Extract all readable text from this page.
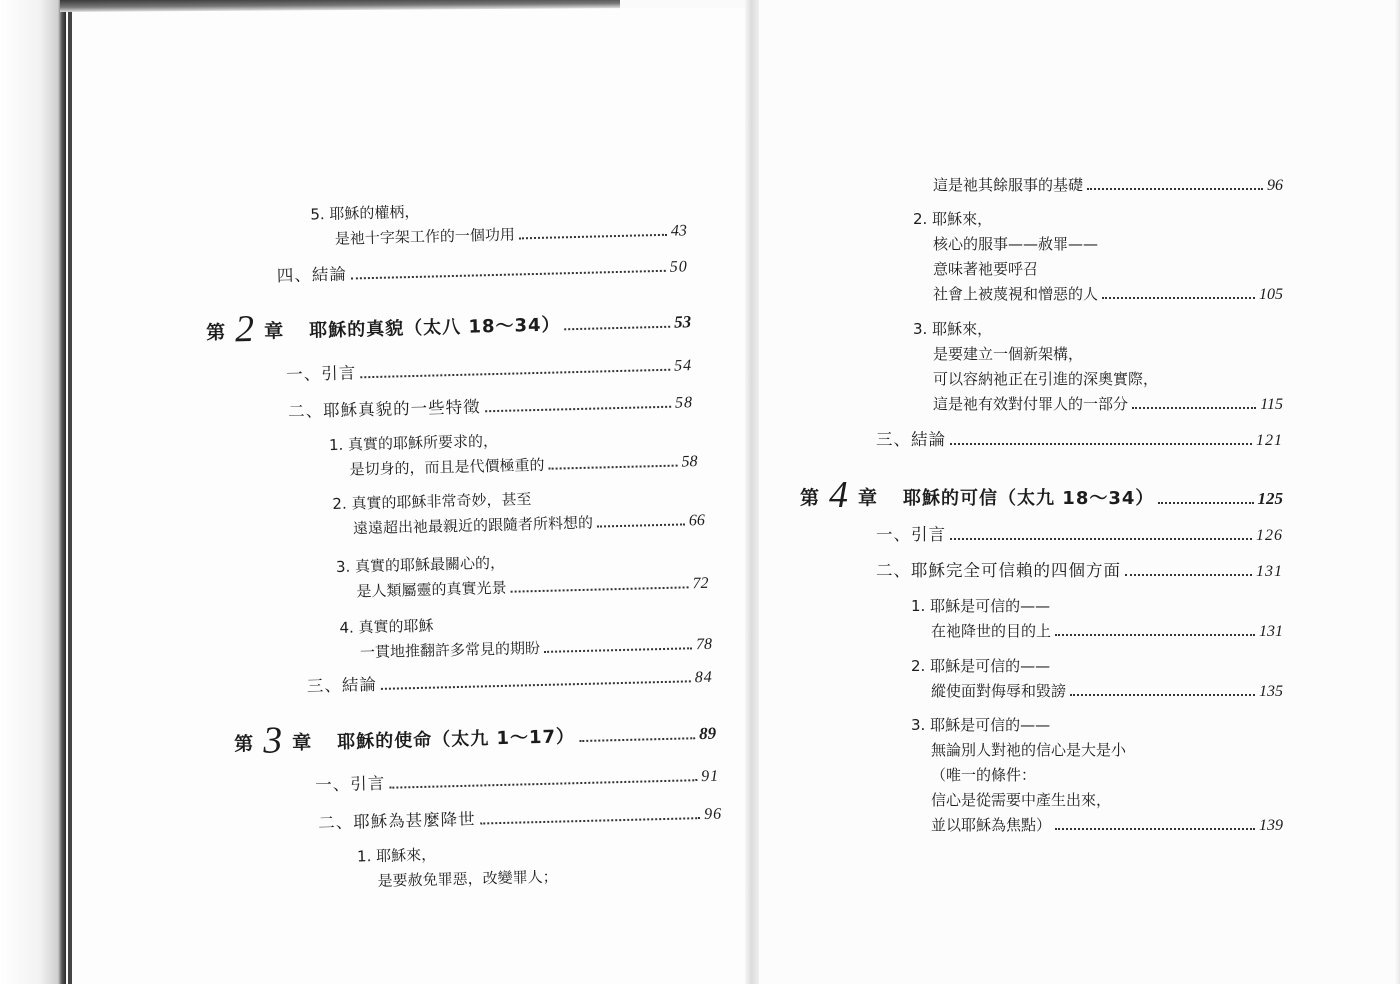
5. 耶穌的權柄，
是祂十字架工作的一個功用	43
四、結論	50
第 2 章 耶穌的真貌（太八 18～34）	53
一、引言	54
二、耶穌真貌的一些特徵	58
1. 真實的耶穌所要求的，
是切身的，而且是代價極重的	58
2. 真實的耶穌非常奇妙，甚至
遠遠超出祂最親近的跟隨者所料想的	66
3. 真實的耶穌最關心的，
是人類屬靈的真實光景	72
4. 真實的耶穌
一貫地推翻許多常見的期盼	78
三、結論	84
第 3 章 耶穌的使命（太九 1～17）	89
一、引言	91
二、耶穌為甚麼降世	96
1. 耶穌來，
是要赦免罪惡，改變罪人；
這是祂其餘服事的基礎	96
2. 耶穌來，
核心的服事——赦罪——
意味著祂要呼召
社會上被蔑視和憎惡的人	105
3. 耶穌來，
是要建立一個新架構，
可以容納祂正在引進的深奧實際，
這是祂有效對付罪人的一部分	115
三、結論	121
第 4 章 耶穌的可信（太九 18～34）	125
一、引言	126
二、耶穌完全可信賴的四個方面	131
1. 耶穌是可信的——
在祂降世的目的上	131
2. 耶穌是可信的——
縱使面對侮辱和毀謗	135
3. 耶穌是可信的——
無論別人對祂的信心是大是小
（唯一的條件：
信心是從需要中產生出來，
並以耶穌為焦點）	139
